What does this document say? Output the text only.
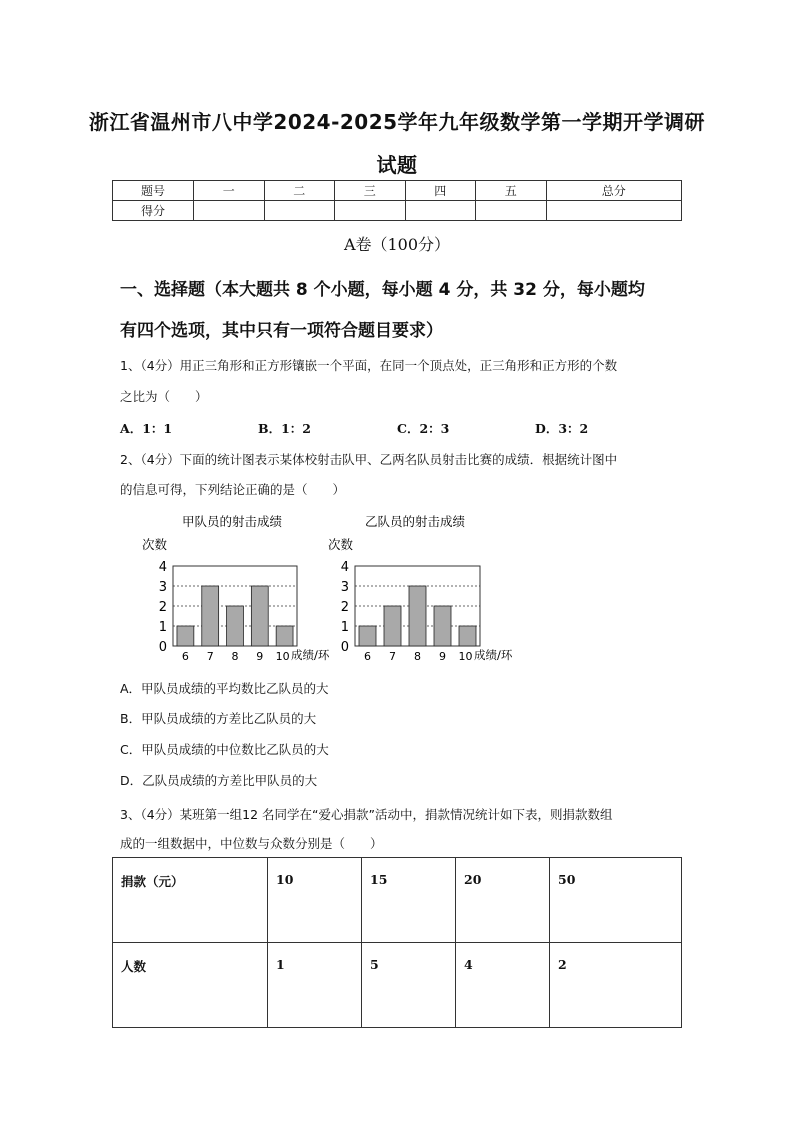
浙江省温州市八中学2024-2025学年九年级数学第一学期开学调研
试题
题号	一	二	三	四	五	总分
得分						
A卷（100分）
一、选择题（本大题共 8 个小题，每小题 4 分，共 32 分，每小题均
有四个选项，其中只有一项符合题目要求）
1、（4分）用正三角形和正方形镶嵌一个平面，在同一个顶点处，正三角形和正方形的个数
之比为（　　）
A．1：1	B．1：2	C．2：3	D．3：2
2、（4分）下面的统计图表示某体校射击队甲、乙两名队员射击比赛的成绩．根据统计图中
的信息可得，下列结论正确的是（　　）
甲队员的射击成绩
次数
0
1
2
3
4
6 7 8 9 10 成绩/环
乙队员的射击成绩
次数
0
1
2
3
4
6 7 8 9 10 成绩/环
A．甲队员成绩的平均数比乙队员的大
B．甲队员成绩的方差比乙队员的大
C．甲队员成绩的中位数比乙队员的大
D．乙队员成绩的方差比甲队员的大
3、（4分）某班第一组12 名同学在“爱心捐款”活动中，捐款情况统计如下表，则捐款数组
成的一组数据中，中位数与众数分别是（　　）
捐款（元）	10	15	20	50
人数	1	5	4	2
